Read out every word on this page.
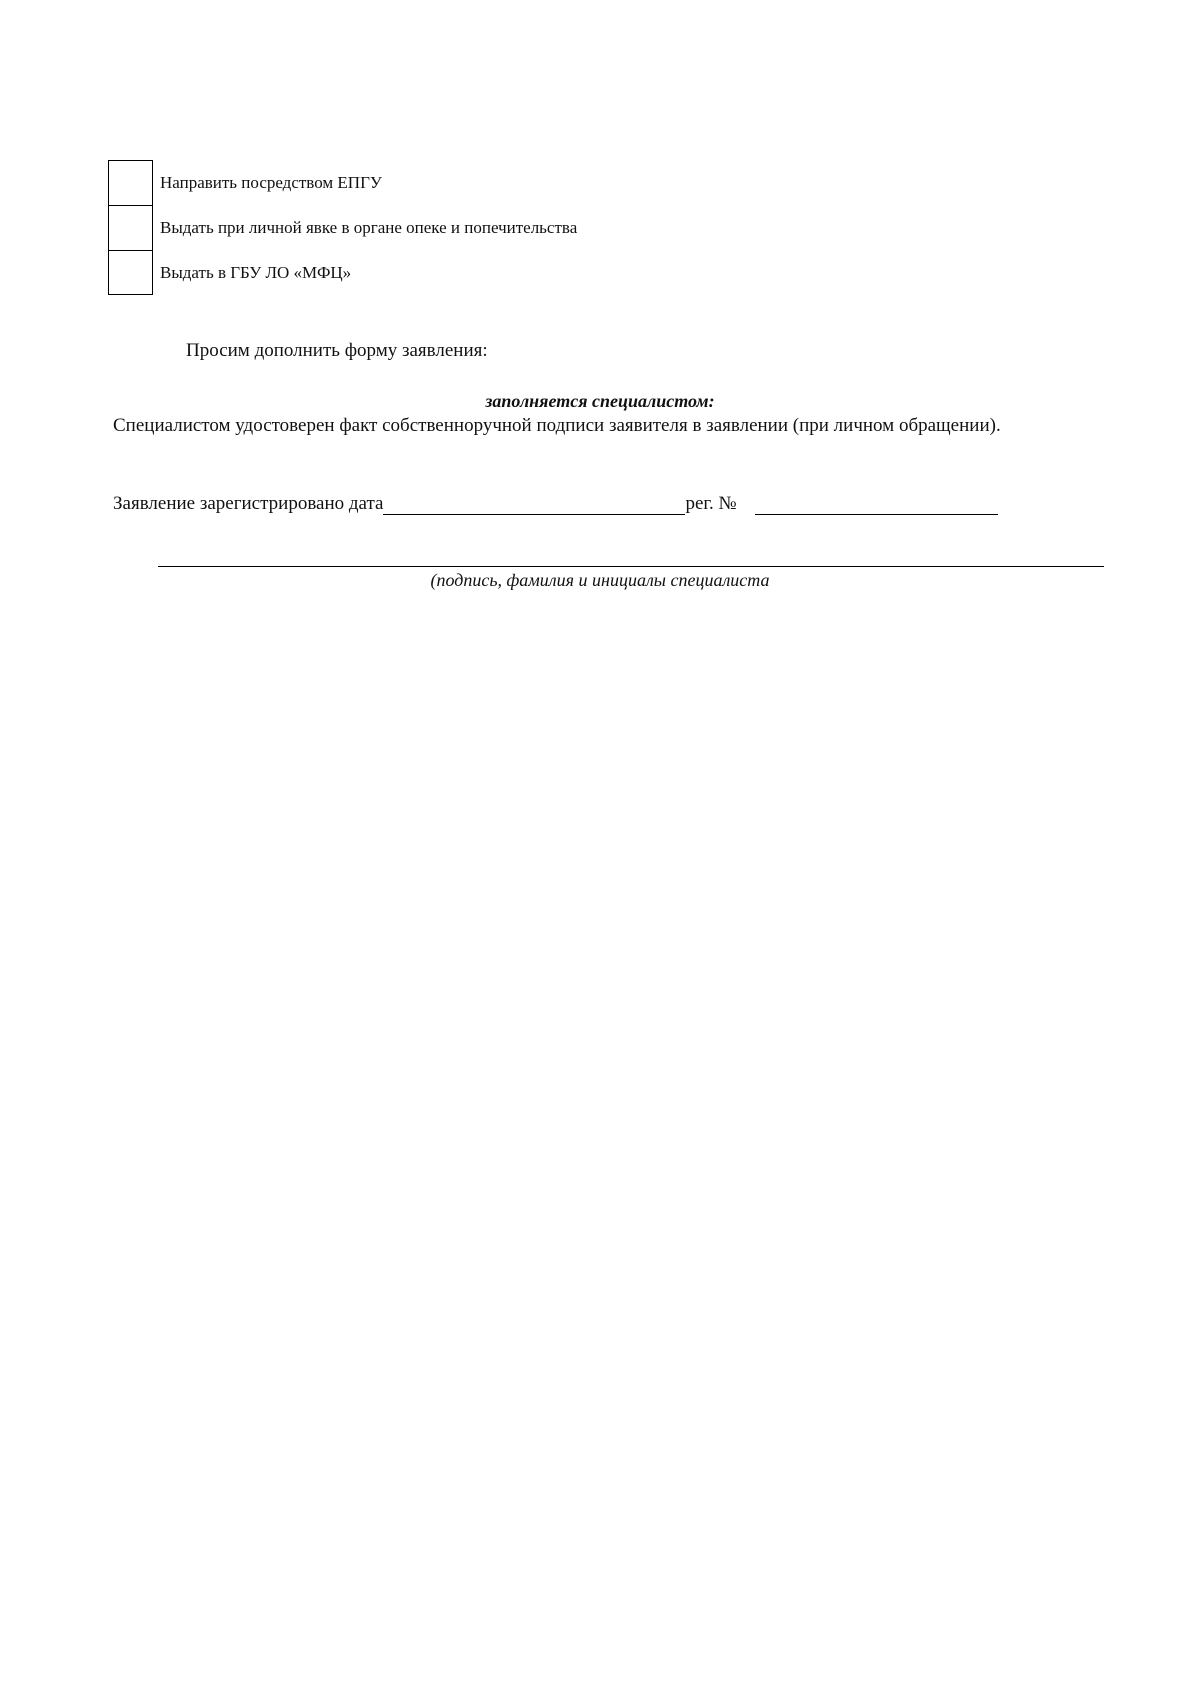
Направить посредством ЕПГУ
Выдать при личной явке в органе опеке и попечительства
Выдать в ГБУ ЛО «МФЦ»
Просим дополнить форму заявления:
заполняется специалистом:
Специалистом удостоверен факт собственноручной подписи заявителя в заявлении (при личном обращении).
Заявление зарегистрировано дата	рег. №
(подпись, фамилия и инициалы специалиста
